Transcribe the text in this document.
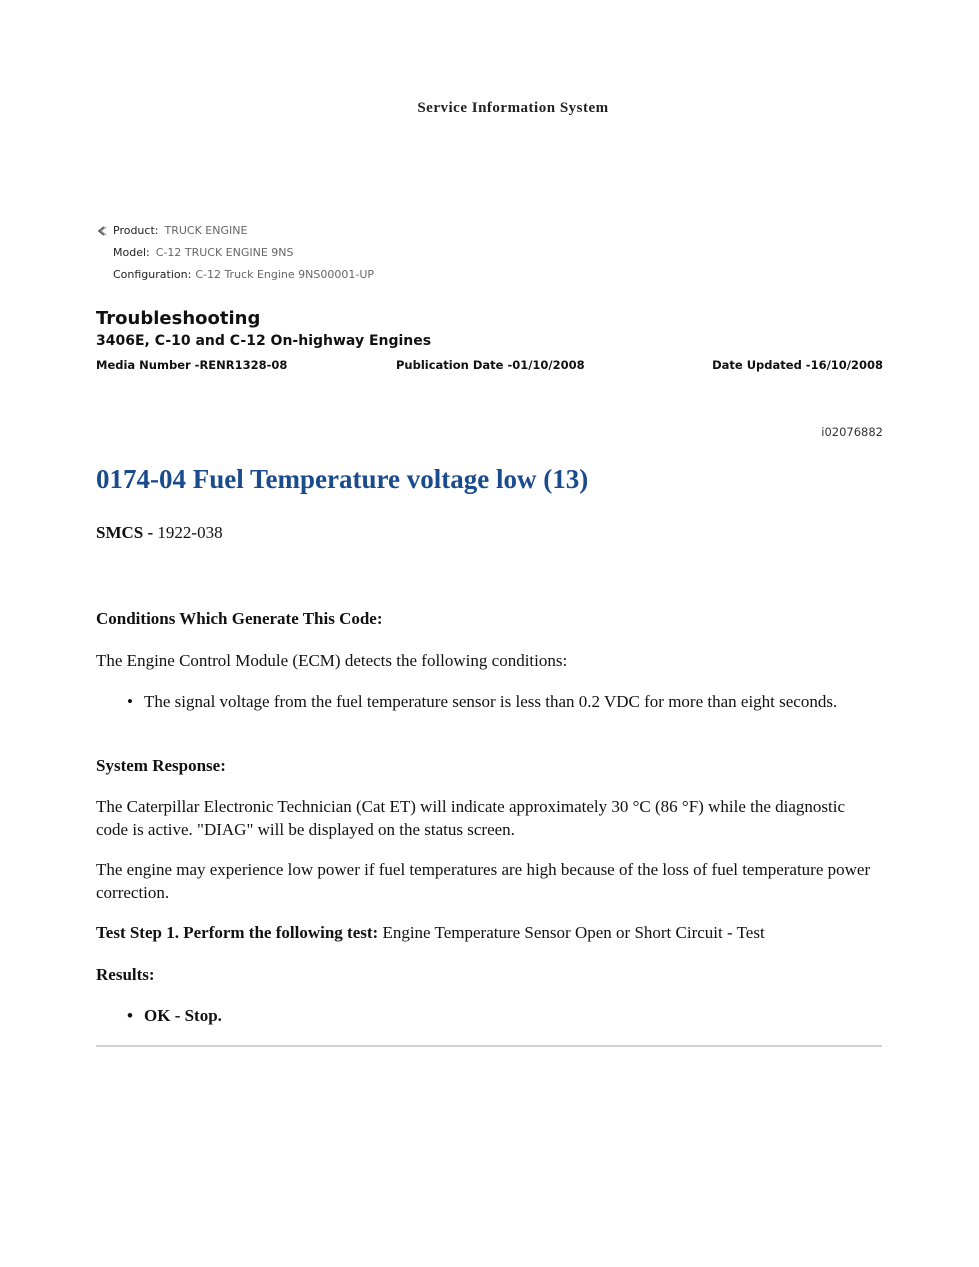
Service Information System
Product: TRUCK ENGINE
Model: C-12 TRUCK ENGINE 9NS
Configuration: C-12 Truck Engine 9NS00001-UP
Troubleshooting
3406E, C-10 and C-12 On-highway Engines
Media Number -RENR1328-08	Publication Date -01/10/2008	Date Updated -16/10/2008
i02076882
0174-04 Fuel Temperature voltage low (13)
SMCS - 1922-038
Conditions Which Generate This Code:
The Engine Control Module (ECM) detects the following conditions:
• The signal voltage from the fuel temperature sensor is less than 0.2 VDC for more than eight seconds.
System Response:
The Caterpillar Electronic Technician (Cat ET) will indicate approximately 30 °C (86 °F) while the diagnostic code is active. "DIAG" will be displayed on the status screen.
The engine may experience low power if fuel temperatures are high because of the loss of fuel temperature power correction.
Test Step 1. Perform the following test: Engine Temperature Sensor Open or Short Circuit - Test
Results:
• OK - Stop.
